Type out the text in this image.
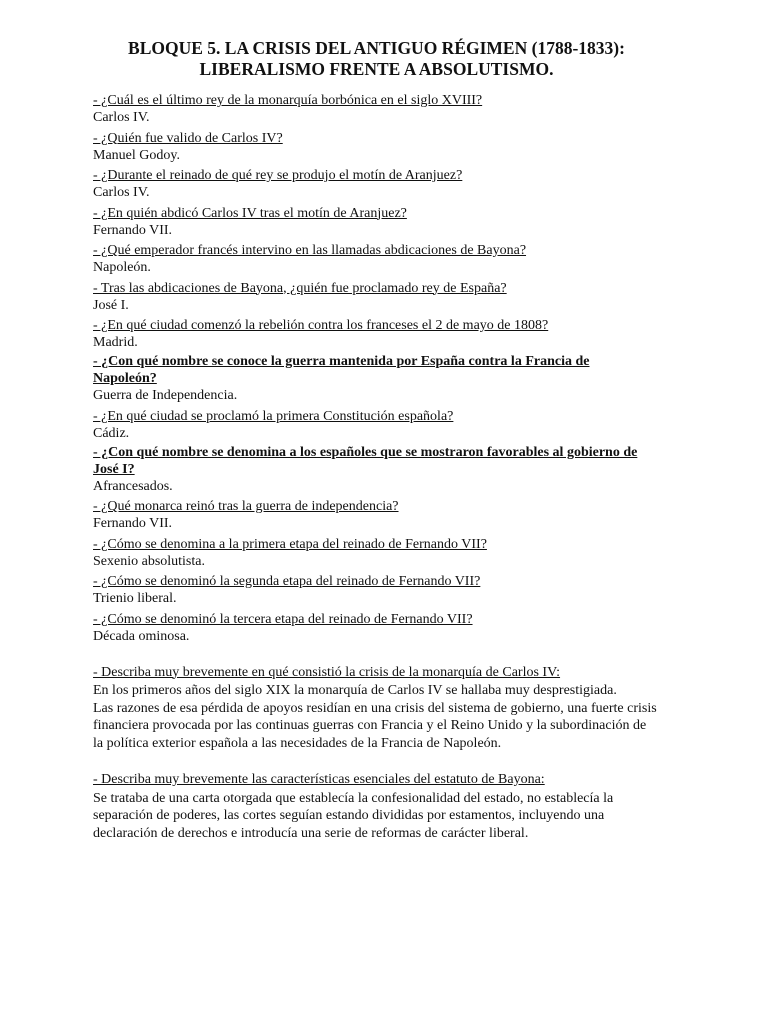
BLOQUE 5. LA CRISIS DEL ANTIGUO RÉGIMEN (1788-1833):
LIBERALISMO FRENTE A ABSOLUTISMO.
- ¿Cuál es el último rey de la monarquía borbónica en el siglo XVIII?
Carlos IV.
- ¿Quién fue valido de Carlos IV?
Manuel Godoy.
- ¿Durante el reinado de qué rey se produjo el motín de Aranjuez?
Carlos IV.
- ¿En quién abdicó Carlos IV tras el motín de Aranjuez?
Fernando VII.
- ¿Qué emperador francés intervino en las llamadas abdicaciones de Bayona?
Napoleón.
- Tras las abdicaciones de Bayona, ¿quién fue proclamado rey de España?
José I.
- ¿En qué ciudad comenzó la rebelión contra los franceses el 2 de mayo de 1808?
Madrid.
- ¿Con qué nombre se conoce la guerra mantenida por España contra la Francia de Napoleón?
Guerra de Independencia.
- ¿En qué ciudad se proclamó la primera Constitución española?
Cádiz.
- ¿Con qué nombre se denomina a los españoles que se mostraron favorables al gobierno de José I?
Afrancesados.
- ¿Qué monarca reinó tras la guerra de independencia?
Fernando VII.
- ¿Cómo se denomina a la primera etapa del reinado de Fernando VII?
Sexenio absolutista.
- ¿Cómo se denominó la segunda etapa del reinado de Fernando VII?
Trienio liberal.
- ¿Cómo se denominó la tercera etapa del reinado de Fernando VII?
Década ominosa.
- Describa muy brevemente en qué consistió la crisis de la monarquía de Carlos IV:

En los primeros años del siglo XIX la monarquía de Carlos IV se hallaba muy desprestigiada.

Las razones de esa pérdida de apoyos residían en una crisis del sistema de gobierno, una fuerte crisis financiera provocada por las continuas guerras con Francia y el Reino Unido y la subordinación de la política exterior española a las necesidades de la Francia de Napoleón.

- Describa muy brevemente las características esenciales del estatuto de Bayona:

Se trataba de una carta otorgada que establecía la confesionalidad del estado, no establecía la separación de poderes, las cortes seguían estando divididas por estamentos, incluyendo una declaración de derechos e introducía una serie de reformas de carácter liberal.
